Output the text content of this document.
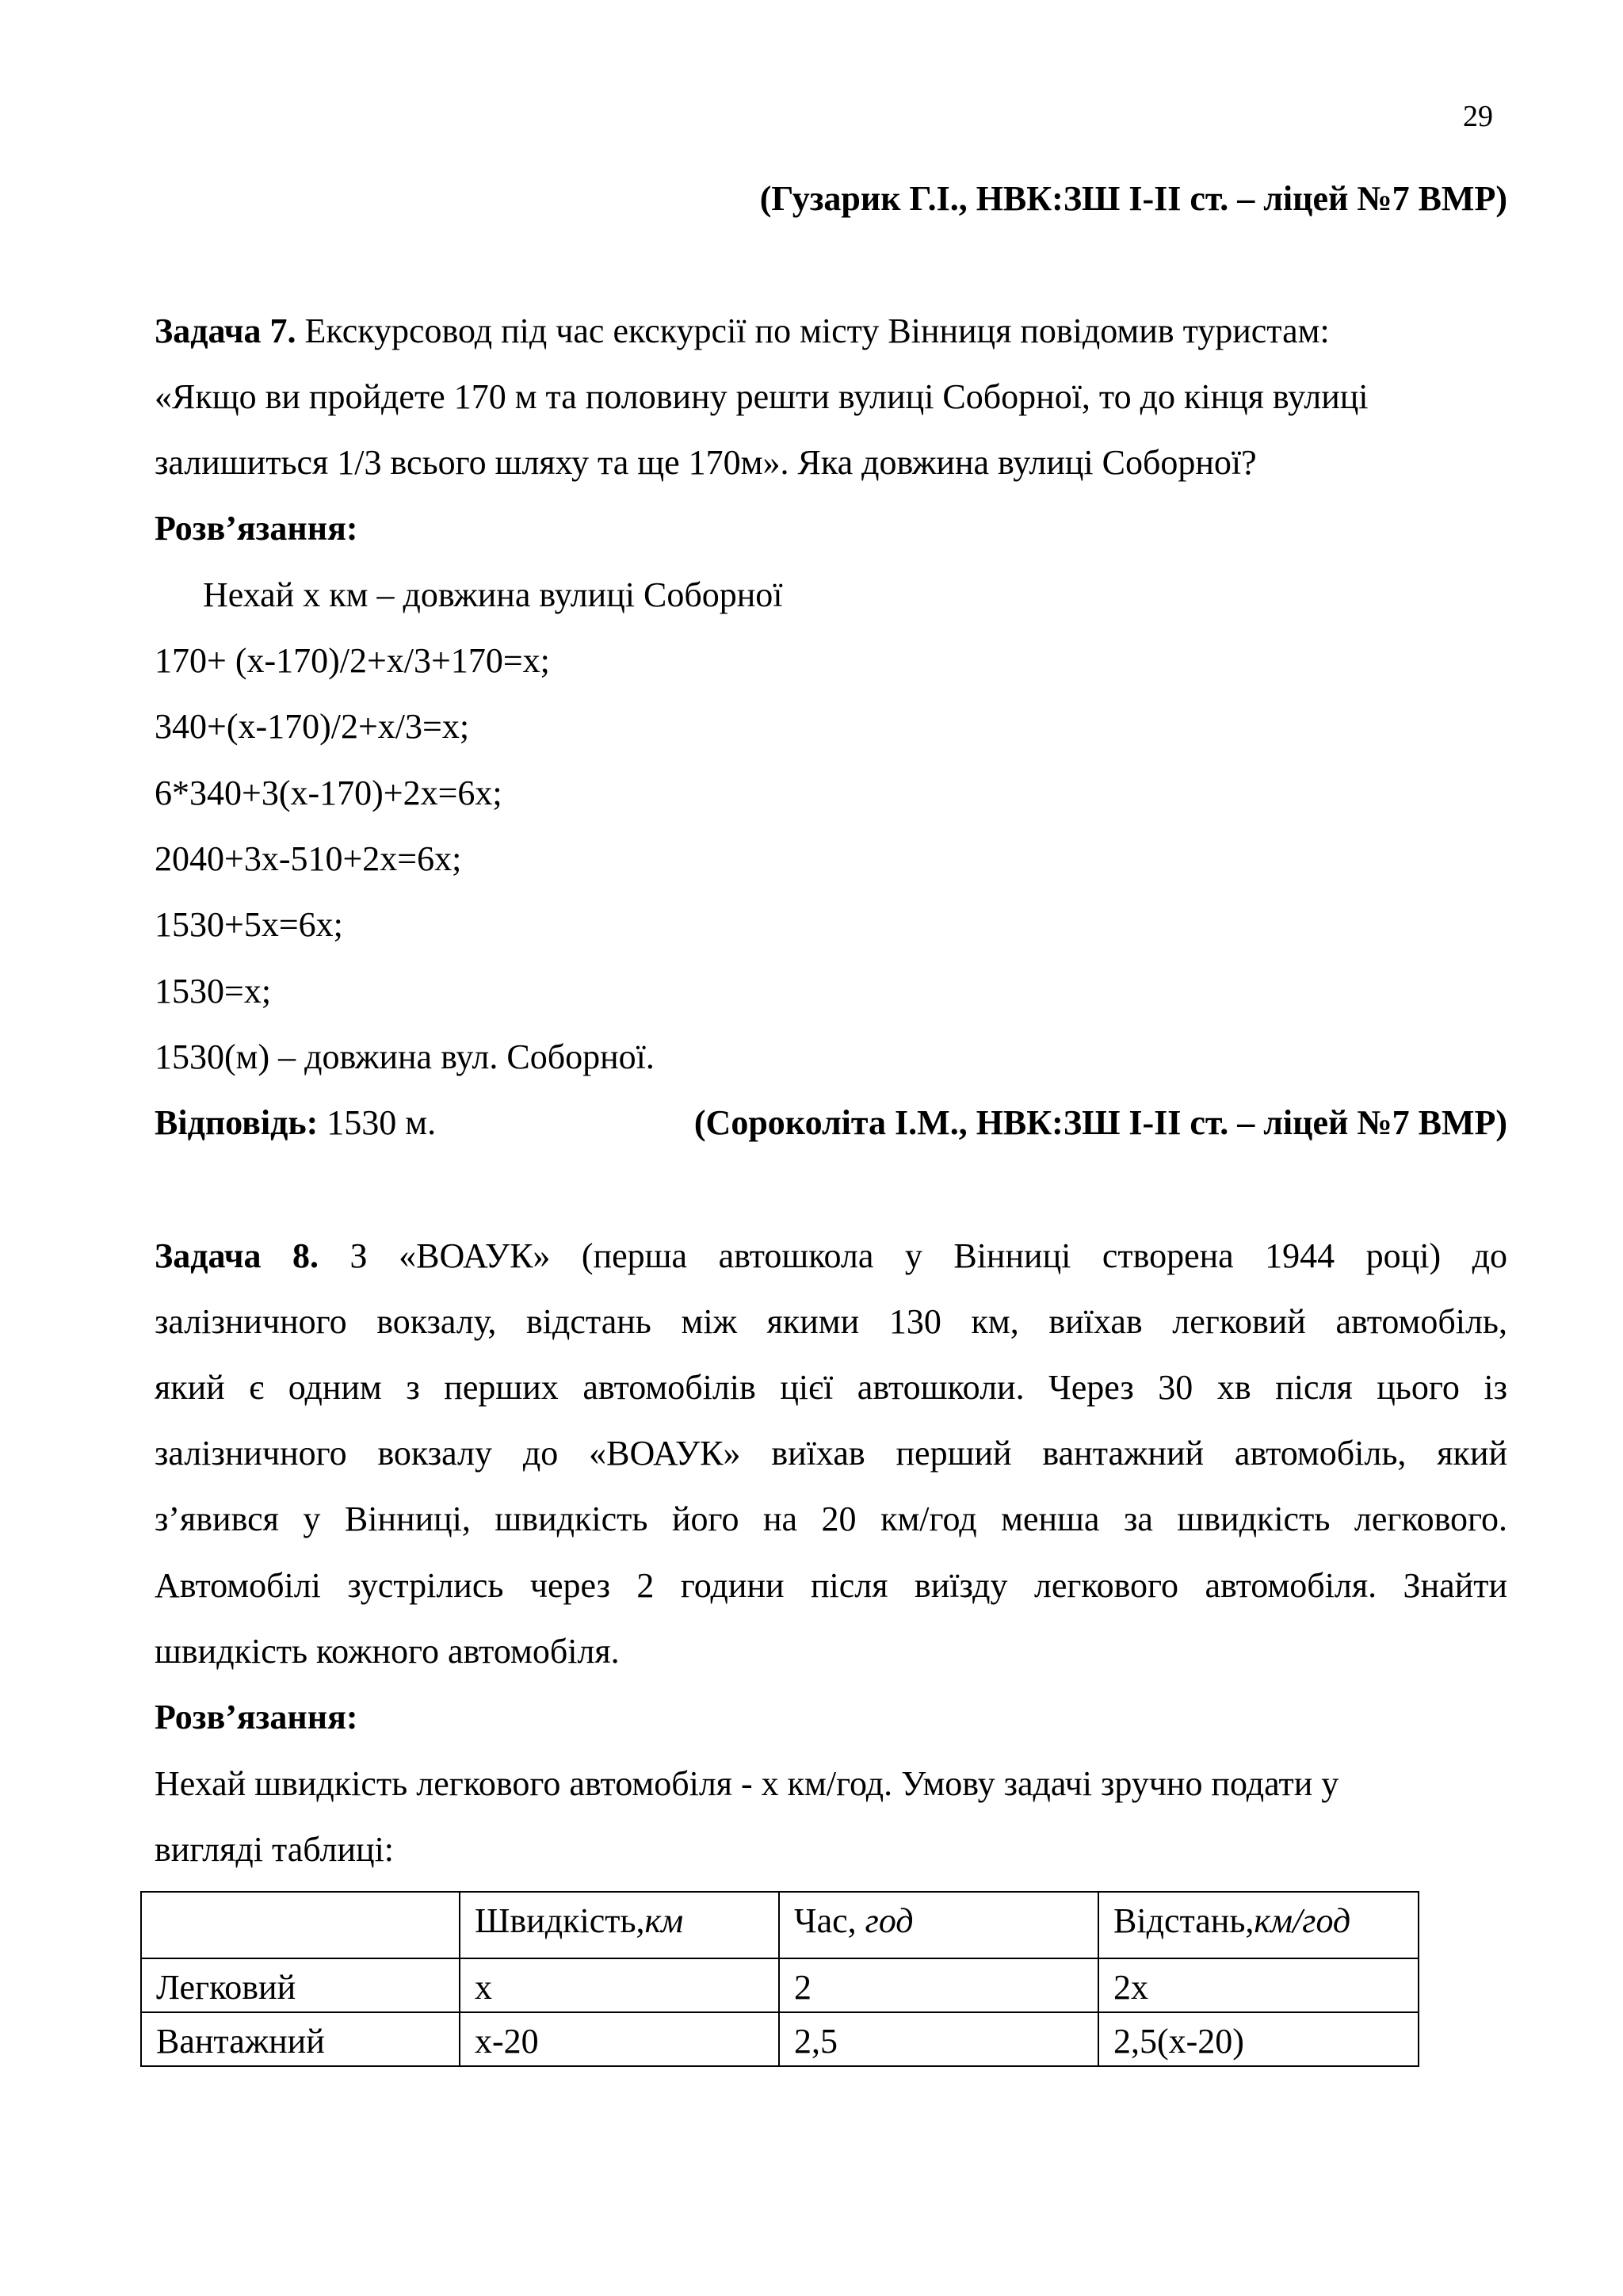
29
(Гузарик Г.І., НВК:ЗШ І-ІІ ст. – ліцей №7 ВМР)
Задача 7. Екскурсовод під час екскурсії по місту Вінниця повідомив туристам:
«Якщо ви пройдете 170 м та половину решти вулиці Соборної, то до кінця вулиці
залишиться 1/3 всього шляху та ще 170м». Яка довжина вулиці Соборної?
Розв’язання:
Нехай х км – довжина вулиці Соборної
170+ (х-170)/2+х/3+170=х;
340+(х-170)/2+х/3=х;
6*340+3(х-170)+2х=6х;
2040+3х-510+2х=6х;
1530+5х=6х;
1530=х;
1530(м) – довжина вул. Соборної.
Відповідь: 1530 м.	(Сороколіта І.М., НВК:ЗШ І-ІІ ст. – ліцей №7 ВМР)
Задача 8. З «ВОАУК» (перша автошкола у Вінниці створена 1944 році) до
залізничного вокзалу, відстань між якими 130 км, виїхав легковий автомобіль,
який є одним з перших автомобілів цієї автошколи. Через 30 хв після цього із
залізничного вокзалу до «ВОАУК» виїхав перший вантажний автомобіль, який
з’явився у Вінниці, швидкість його на 20 км/год менша за швидкість легкового.
Автомобілі зустрілись через 2 години після виїзду легкового автомобіля. Знайти
швидкість кожного автомобіля.
Розв’язання:
Нехай швидкість легкового автомобіля - х км/год. Умову задачі зручно подати у
вигляді таблиці:
	Швидкість,км	Час, год	Відстань,км/год
Легковий	х	2	2х
Вантажний	х-20	2,5	2,5(х-20)
